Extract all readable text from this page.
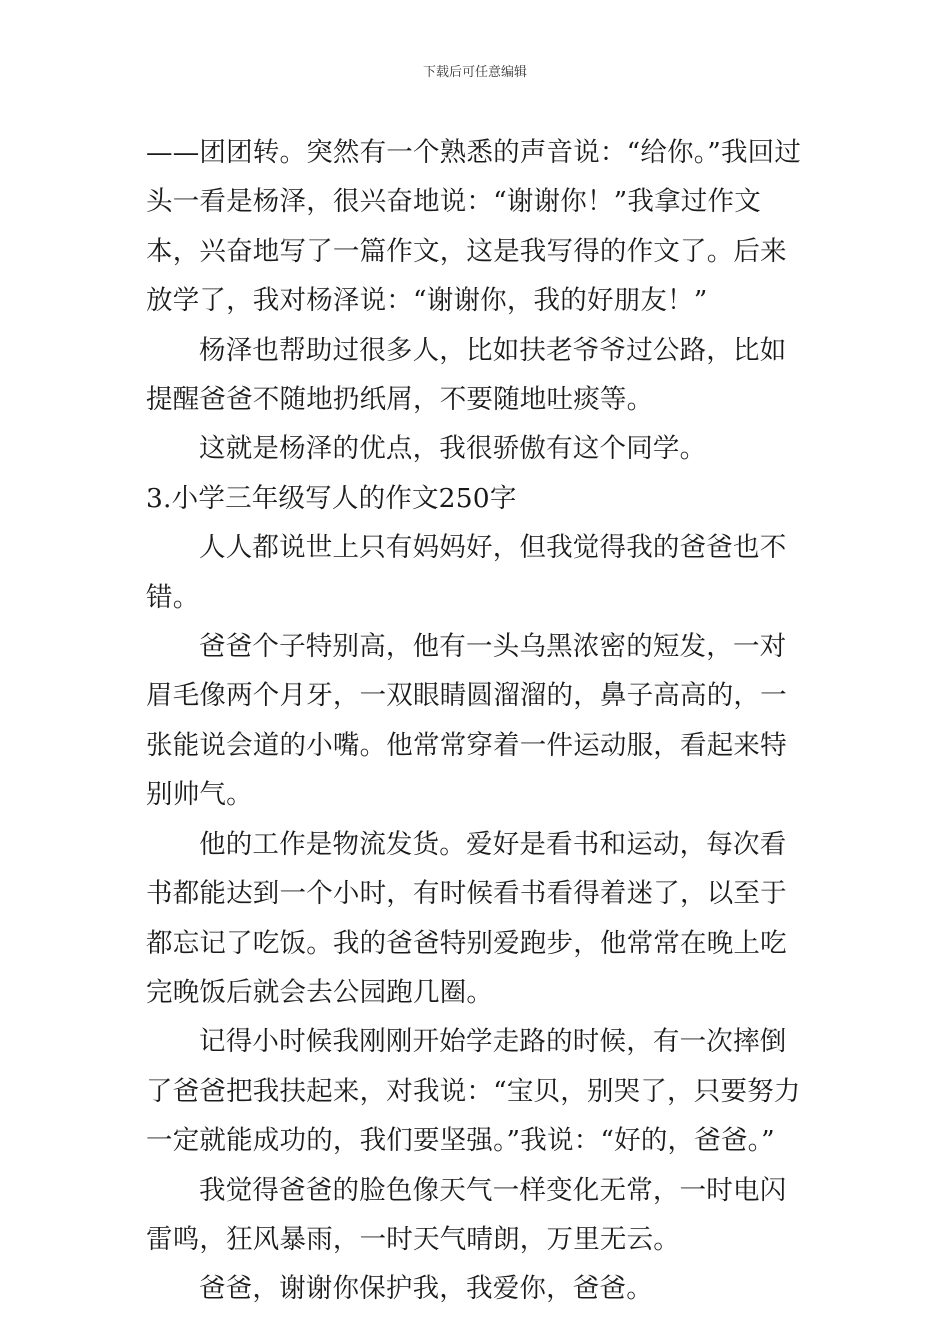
下载后可任意编辑

——团团转。突然有一个熟悉的声音说：“给你。”我回过头一看是杨泽，很兴奋地说：“谢谢你！”我拿过作文本，兴奋地写了一篇作文，这是我写得的作文了。后来放学了，我对杨泽说：“谢谢你，我的好朋友！”

杨泽也帮助过很多人，比如扶老爷爷过公路，比如提醒爸爸不随地扔纸屑，不要随地吐痰等。

这就是杨泽的优点，我很骄傲有这个同学。

3.小学三年级写人的作文250字

人人都说世上只有妈妈好，但我觉得我的爸爸也不错。

爸爸个子特别高，他有一头乌黑浓密的短发，一对眉毛像两个月牙，一双眼睛圆溜溜的，鼻子高高的，一张能说会道的小嘴。他常常穿着一件运动服，看起来特别帅气。

他的工作是物流发货。爱好是看书和运动，每次看书都能达到一个小时，有时候看书看得着迷了，以至于都忘记了吃饭。我的爸爸特别爱跑步，他常常在晚上吃完晚饭后就会去公园跑几圈。

记得小时候我刚刚开始学走路的时候，有一次摔倒了爸爸把我扶起来，对我说：“宝贝，别哭了，只要努力一定就能成功的，我们要坚强。”我说：“好的，爸爸。”

我觉得爸爸的脸色像天气一样变化无常，一时电闪雷鸣，狂风暴雨，一时天气晴朗，万里无云。

爸爸，谢谢你保护我，我爱你，爸爸。
